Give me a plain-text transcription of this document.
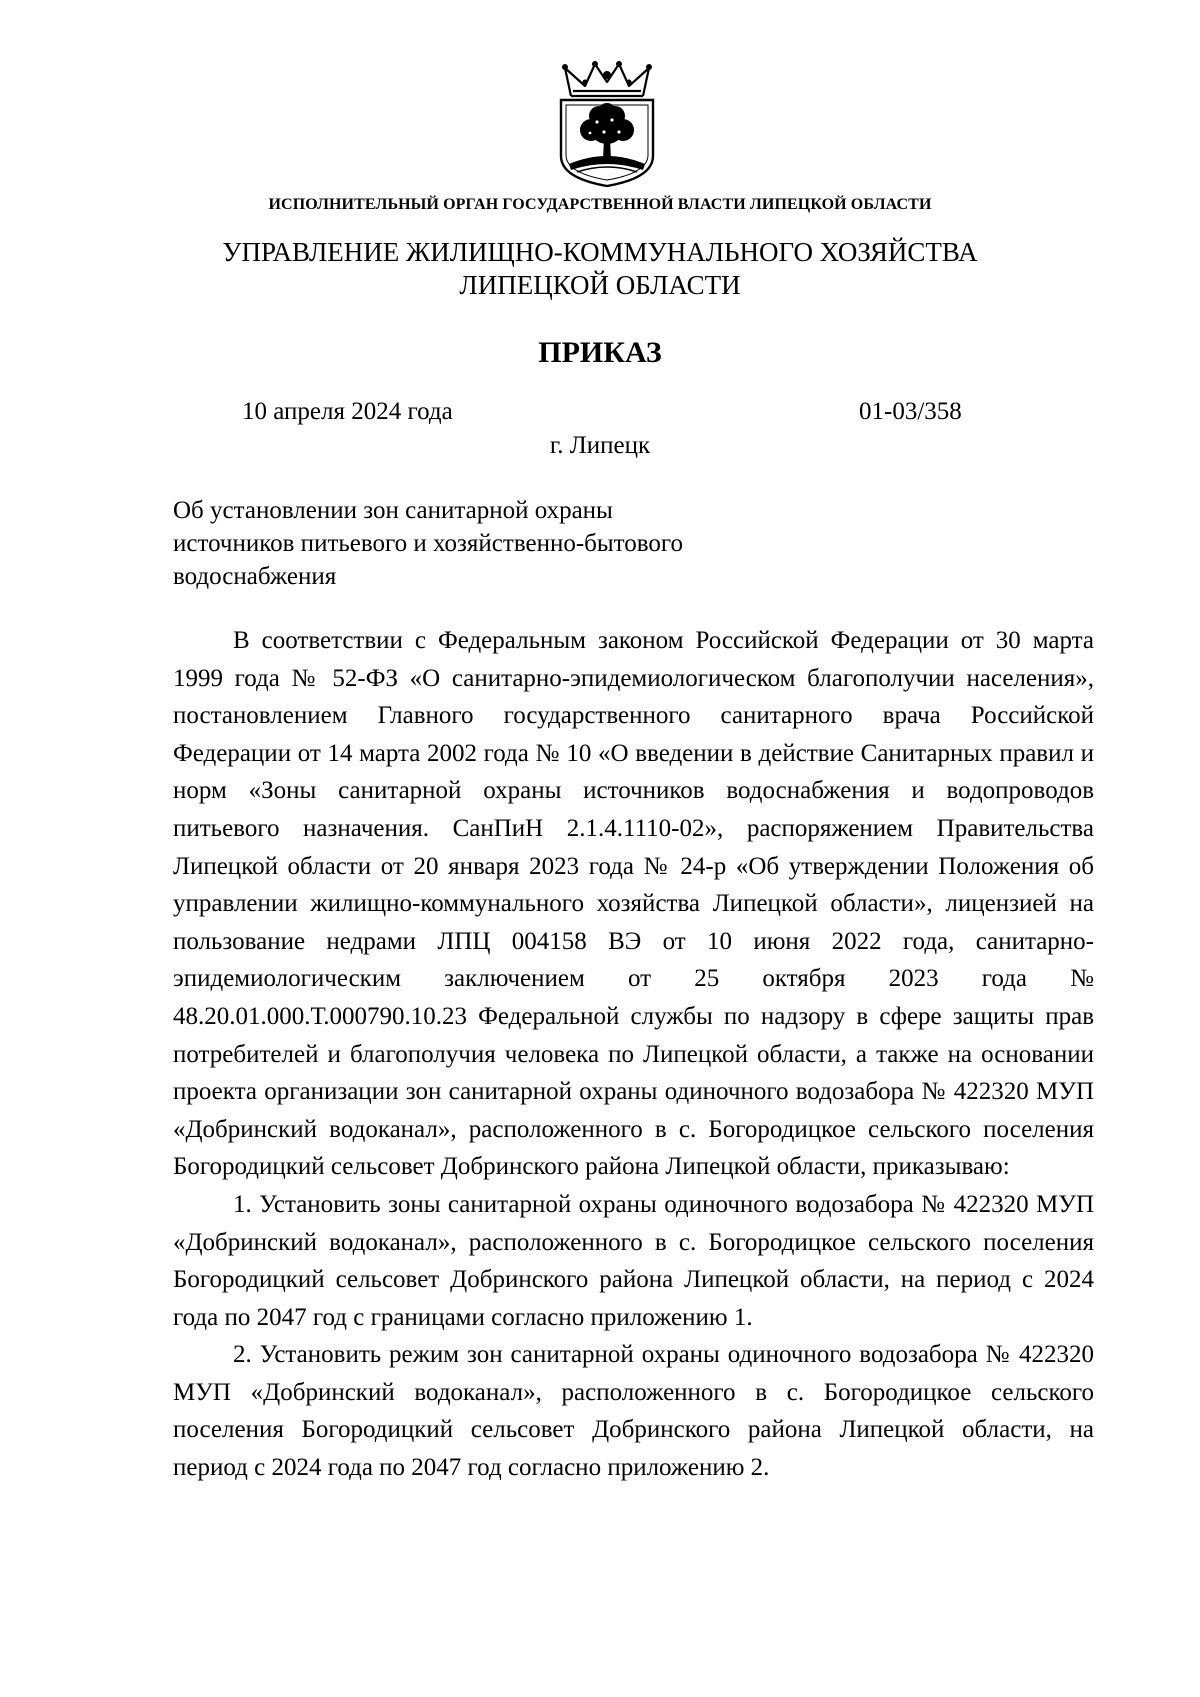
ИСПОЛНИТЕЛЬНЫЙ ОРГАН ГОСУДАРСТВЕННОЙ ВЛАСТИ ЛИПЕЦКОЙ ОБЛАСТИ
УПРАВЛЕНИЕ ЖИЛИЩНО-КОММУНАЛЬНОГО ХОЗЯЙСТВА
ЛИПЕЦКОЙ ОБЛАСТИ
ПРИКАЗ
10 апреля 2024 года	01-03/358
г. Липецк
Об установлении зон санитарной охраны
источников питьевого и хозяйственно-бытового
водоснабжения

В соответствии с Федеральным законом Российской Федерации от 30 марта 1999 года № 52-ФЗ «О санитарно-эпидемиологическом благополучии населения», постановлением Главного государственного санитарного врача Российской Федерации от 14 марта 2002 года № 10 «О введении в действие Санитарных правил и норм «Зоны санитарной охраны источников водоснабжения и водопроводов питьевого назначения. СанПиН 2.1.4.1110-02», распоряжением Правительства Липецкой области от 20 января 2023 года № 24-р «Об утверждении Положения об управлении жилищно-коммунального хозяйства Липецкой области», лицензией на пользование недрами ЛПЦ 004158 ВЭ от 10 июня 2022 года, санитарно-эпидемиологическим заключением от 25 октября 2023 года № 48.20.01.000.Т.000790.10.23 Федеральной службы по надзору в сфере защиты прав потребителей и благополучия человека по Липецкой области, а также на основании проекта организации зон санитарной охраны одиночного водозабора № 422320 МУП «Добринский водоканал», расположенного в с. Богородицкое сельского поселения Богородицкий сельсовет Добринского района Липецкой области, приказываю:

1. Установить зоны санитарной охраны одиночного водозабора № 422320 МУП «Добринский водоканал», расположенного в с. Богородицкое сельского поселения Богородицкий сельсовет Добринского района Липецкой области, на период с 2024 года по 2047 год с границами согласно приложению 1.

2. Установить режим зон санитарной охраны одиночного водозабора № 422320 МУП «Добринский водоканал», расположенного в с. Богородицкое сельского поселения Богородицкий сельсовет Добринского района Липецкой области, на период с 2024 года по 2047 год согласно приложению 2.
